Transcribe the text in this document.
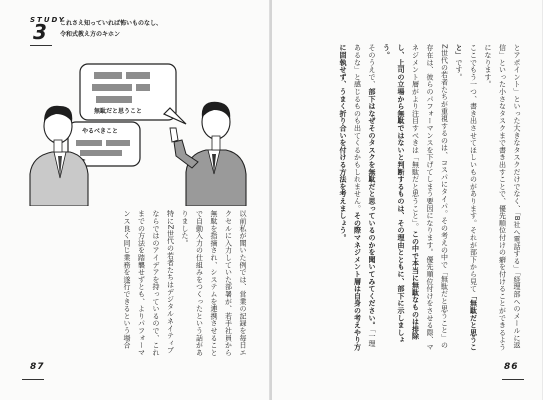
STUDY
3 これさえ知っていれば怖いものなし、
令和式教え方のキホン
無駄だと思うこと
やるべきこと

以前私が聞いた例では、営業の記録を毎日エクセルに入力していた部署が、若手社員から無駄を指摘され、システムを連携させることで自動入力の仕組みをつくったという話がありました。

特にZ世代の若者たちはデジタルネイティブならではのアイデアを持っているので、これまでの方法を踏襲せずとも、よりパフォーマンス良く同じ業務を遂行できるという場合

87

とアポイント」といった大きなタスクだけでなく、「B社へ電話する」「経理部へのメールに返信」といった小さなタスクまで書き出すことで、優先順位付けの癖を付けることができるようになります。

ここでもう一つ、書き出させてほしいものがあります。それが部下から見て「無駄だと思うこと」です。

Z世代の若者たちが重視するのは、コスパにタイパ。その考えの中で「無駄だと思うこと」の存在は、彼らのパフォーマンスを下げてしまう要因になります。優先順位付けをさせる際、マネジメント層がより注目すべきは「無駄だと思うこと」。この中で本当に無駄なものは排除し、上司の立場から無駄ではないと判断するものは、その理由とともに、部下に示しましょう。

そのうえで、部下はなぜそのタスクを無駄だと思っているのかを聞いてみてください。「一理あるな」と感じるものも出てくるかもしれません。その際マネジメント層は自身の考えやり方に固執せず、うまく折り合いを付ける方法を考えましょう。

86
